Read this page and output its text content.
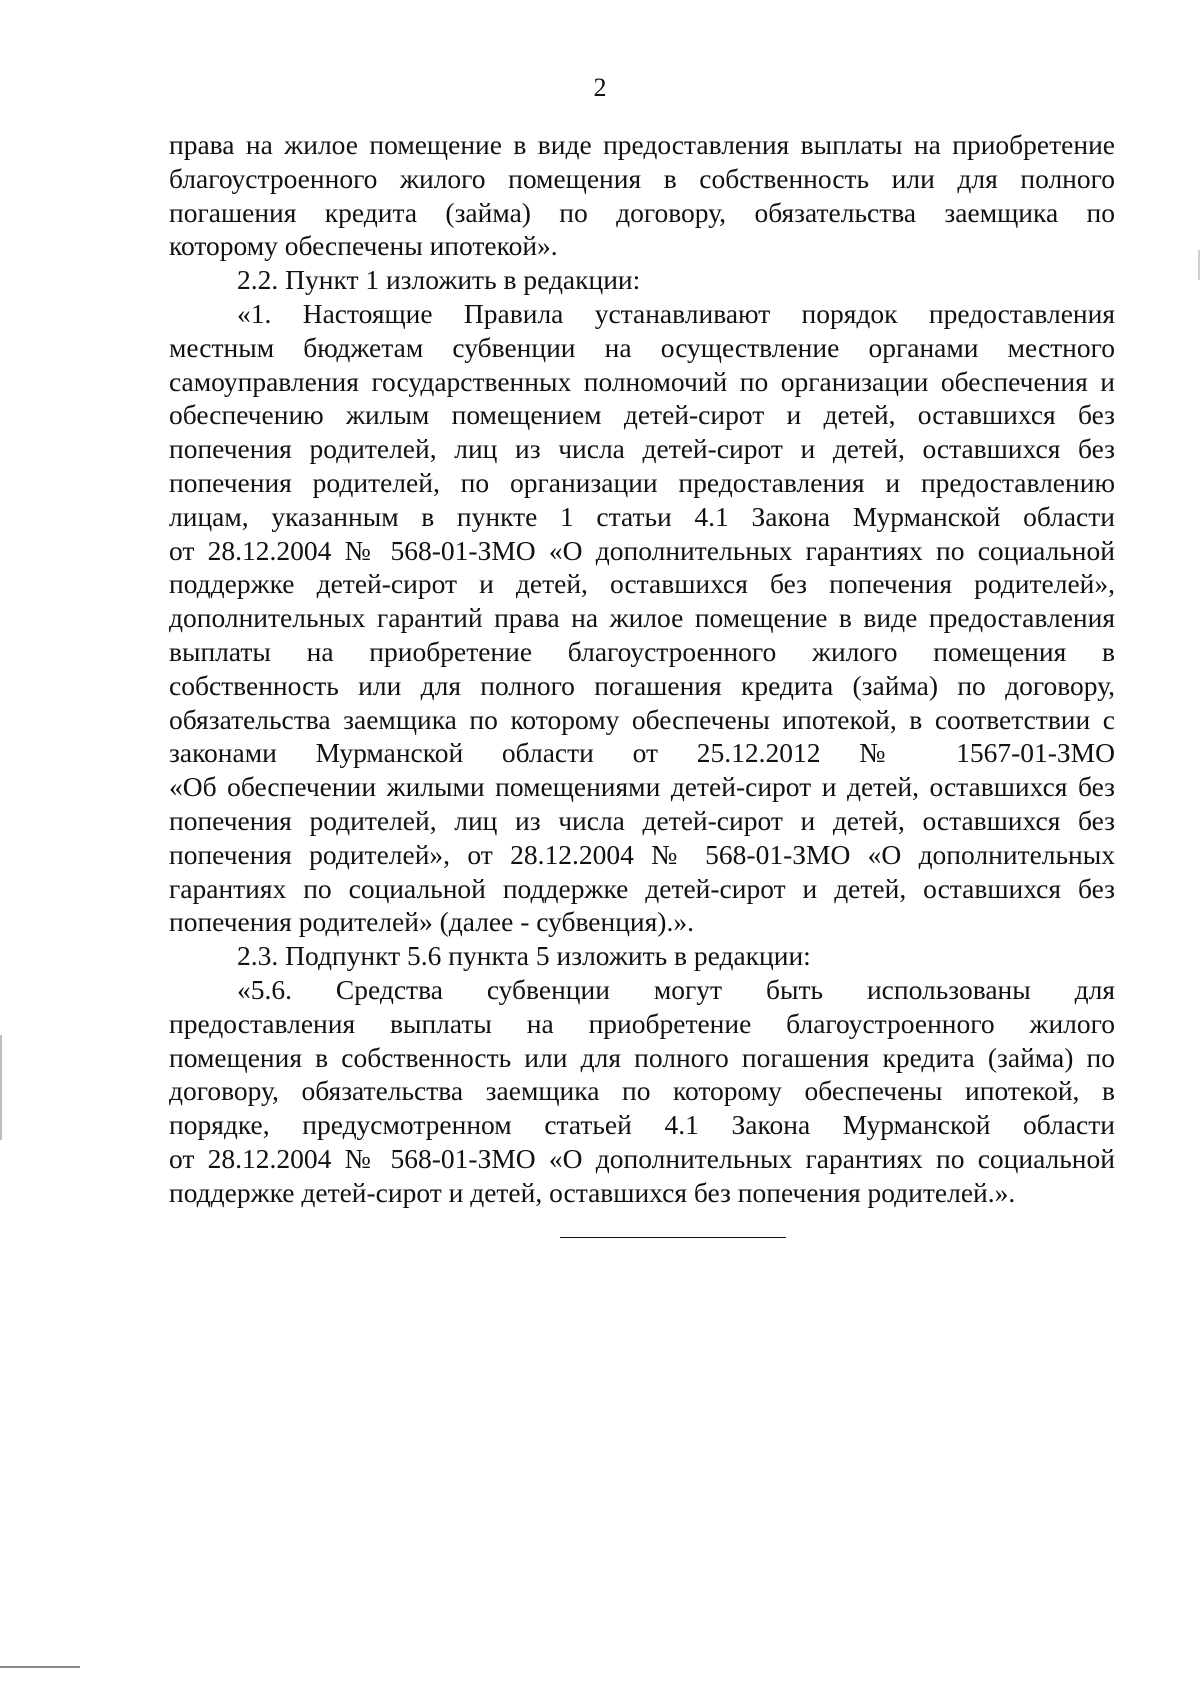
2
права на жилое помещение в виде предоставления выплаты на приобретение
благоустроенного жилого помещения в собственность или для полного
погашения кредита (займа) по договору, обязательства заемщика по
которому обеспечены ипотекой».
2.2. Пункт 1 изложить в редакции:
«1. Настоящие Правила устанавливают порядок предоставления
местным бюджетам субвенции на осуществление органами местного
самоуправления государственных полномочий по организации обеспечения и
обеспечению жилым помещением детей-сирот и детей, оставшихся без
попечения родителей, лиц из числа детей-сирот и детей, оставшихся без
попечения родителей, по организации предоставления и предоставлению
лицам, указанным в пункте 1 статьи 4.1 Закона Мурманской области
от 28.12.2004 № 568-01-ЗМО «О дополнительных гарантиях по социальной
поддержке детей-сирот и детей, оставшихся без попечения родителей»,
дополнительных гарантий права на жилое помещение в виде предоставления
выплаты на приобретение благоустроенного жилого помещения в
собственность или для полного погашения кредита (займа) по договору,
обязательства заемщика по которому обеспечены ипотекой, в соответствии с
законами Мурманской области от 25.12.2012 № 1567-01-ЗМО
«Об обеспечении жилыми помещениями детей-сирот и детей, оставшихся без
попечения родителей, лиц из числа детей-сирот и детей, оставшихся без
попечения родителей», от 28.12.2004 № 568-01-ЗМО «О дополнительных
гарантиях по социальной поддержке детей-сирот и детей, оставшихся без
попечения родителей» (далее - субвенция).».
2.3. Подпункт 5.6 пункта 5 изложить в редакции:
«5.6. Средства субвенции могут быть использованы для
предоставления выплаты на приобретение благоустроенного жилого
помещения в собственность или для полного погашения кредита (займа) по
договору, обязательства заемщика по которому обеспечены ипотекой, в
порядке, предусмотренном статьей 4.1 Закона Мурманской области
от 28.12.2004 № 568-01-ЗМО «О дополнительных гарантиях по социальной
поддержке детей-сирот и детей, оставшихся без попечения родителей.».
